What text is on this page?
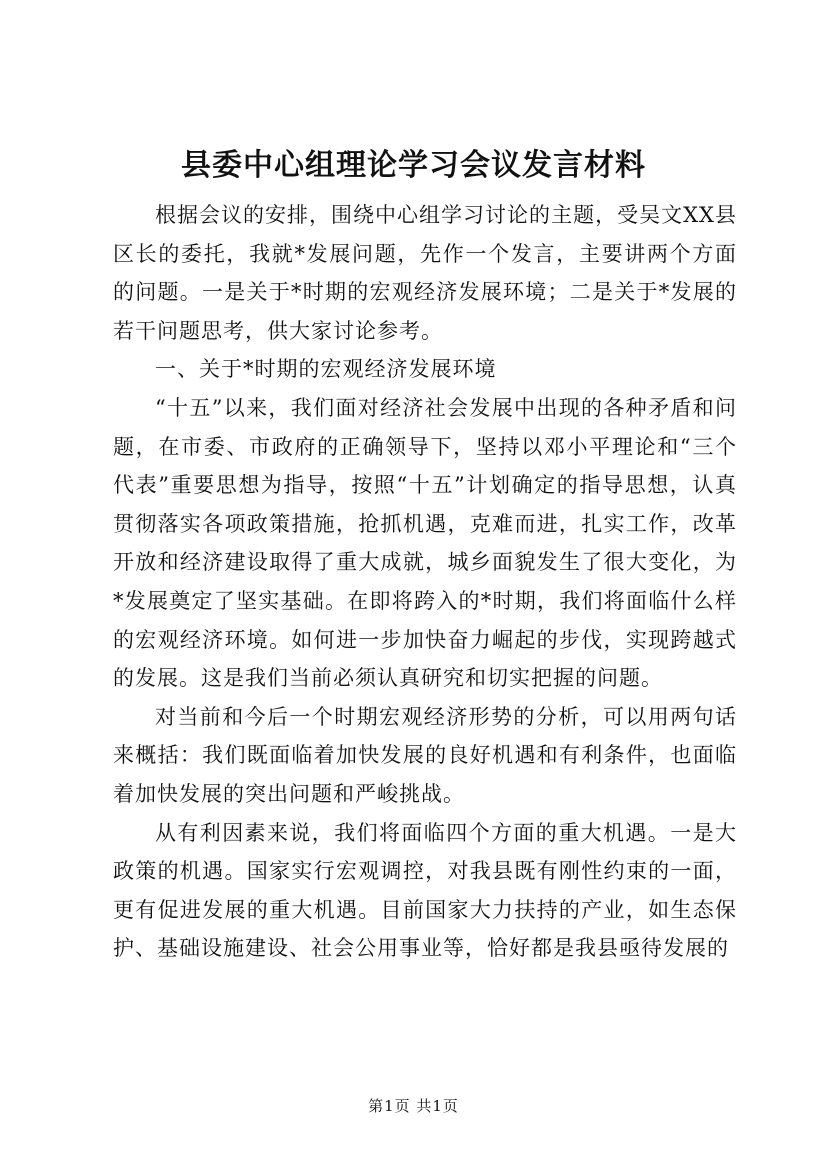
县委中心组理论学习会议发言材料

根据会议的安排，围绕中心组学习讨论的主题，受吴文XX县区长的委托，我就*发展问题，先作一个发言，主要讲两个方面的问题。一是关于*时期的宏观经济发展环境；二是关于*发展的若干问题思考，供大家讨论参考。

一、关于*时期的宏观经济发展环境

“十五”以来，我们面对经济社会发展中出现的各种矛盾和问题，在市委、市政府的正确领导下，坚持以邓小平理论和“三个代表”重要思想为指导，按照“十五”计划确定的指导思想，认真贯彻落实各项政策措施，抢抓机遇，克难而进，扎实工作，改革开放和经济建设取得了重大成就，城乡面貌发生了很大变化，为*发展奠定了坚实基础。在即将跨入的*时期，我们将面临什么样的宏观经济环境。如何进一步加快奋力崛起的步伐，实现跨越式的发展。这是我们当前必须认真研究和切实把握的问题。

对当前和今后一个时期宏观经济形势的分析，可以用两句话来概括：我们既面临着加快发展的良好机遇和有利条件，也面临着加快发展的突出问题和严峻挑战。

从有利因素来说，我们将面临四个方面的重大机遇。一是大政策的机遇。国家实行宏观调控，对我县既有刚性约束的一面，更有促进发展的重大机遇。目前国家大力扶持的产业，如生态保护、基础设施建设、社会公用事业等，恰好都是我县亟待发展的

第1页 共1页
